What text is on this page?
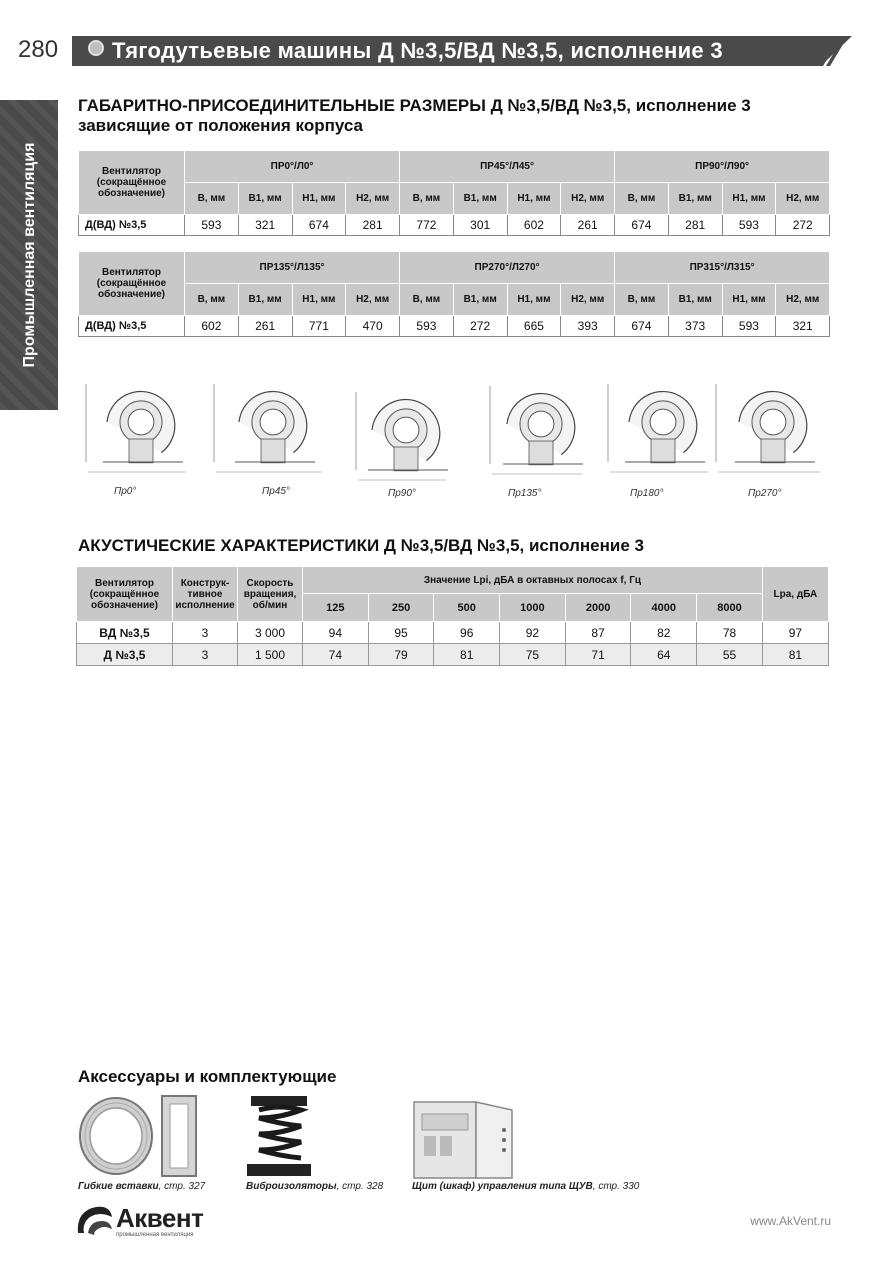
280	Тягодутьевые машины Д №3,5/ВД №3,5, исполнение 3
Промышленная вентиляция
ГАБАРИТНО-ПРИСОЕДИНИТЕЛЬНЫЕ РАЗМЕРЫ Д №3,5/ВД №3,5, исполнение 3
зависящие от положения корпуса
Вентилятор (сокращённое обозначение)	ПР0°/Л0°				ПР45°/Л45°				ПР90°/Л90°			
	В, мм	В1, мм	Н1, мм	Н2, мм	В, мм	В1, мм	Н1, мм	Н2, мм	В, мм	В1, мм	Н1, мм	Н2, мм
Д(ВД) №3,5	593	321	674	281	772	301	602	261	674	281	593	272
Вентилятор (сокращённое обозначение)	ПР135°/Л135°				ПР270°/Л270°				ПР315°/Л315°			
	В, мм	В1, мм	Н1, мм	Н2, мм	В, мм	В1, мм	Н1, мм	Н2, мм	В, мм	В1, мм	Н1, мм	Н2, мм
Д(ВД) №3,5	602	261	771	470	593	272	665	393	674	373	593	321
Пр0°	Пр45°	Пр90°	Пр135°	Пр180°	Пр270°
АКУСТИЧЕСКИЕ ХАРАКТЕРИСТИКИ Д №3,5/ВД №3,5, исполнение 3
Вентилятор (сокращённое обозначение)	Конструк-тивное исполнение	Скорость вращения, об/мин	Значение Lpi, дБА в октавных полосах f, Гц							Lpa, дБА
			125	250	500	1000	2000	4000	8000	
ВД №3,5	3	3 000	94	95	96	92	87	82	78	97
Д №3,5	3	1 500	74	79	81	75	71	64	55	81
Аксессуары и комплектующие
Гибкие вставки, стр. 327	Виброизоляторы, стр. 328	Щит (шкаф) управления типа ЩУВ, стр. 330
Аквент
промышленная вентиляция
www.AkVent.ru
